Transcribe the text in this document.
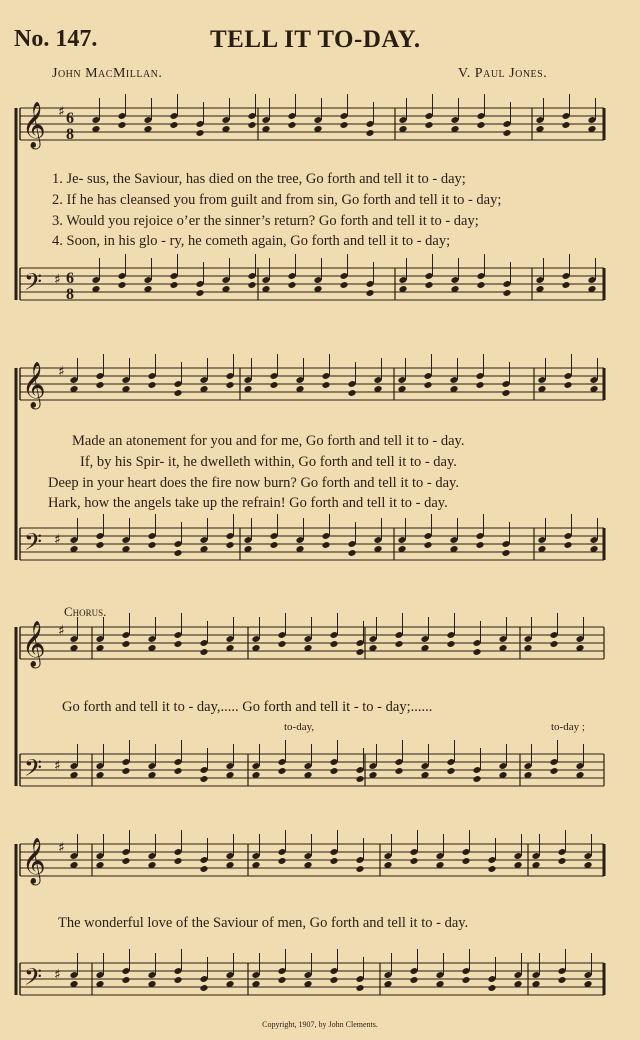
𝄞
𝄢
♯
♯
6
8
6
8
𝄞
𝄢
♯
♯
𝄞
𝄢
♯
♯
𝄞
𝄢
♯
♯
No. 147.	TELL IT TO-DAY.
John MacMillan.	V. Paul Jones.
1. Je- sus, the Saviour, has died on the tree, Go forth and tell it to - day;
2. If he has cleansed you from guilt and from sin, Go forth and tell it to - day;
3. Would you rejoice o’er the sinner’s return? Go forth and tell it to - day;
4. Soon, in his glo - ry, he cometh again, Go forth and tell it to - day;
Made an atonement for you and for me, Go forth and tell it to - day.
If, by his Spir- it, he dwelleth within, Go forth and tell it to - day.
Deep in your heart does the fire now burn? Go forth and tell it to - day.
Hark, how the angels take up the refrain! Go forth and tell it to - day.
Chorus.
Go forth and tell it to - day,..... Go forth and tell it - to - day;......
to-day,	to-day ;
The wonderful love of the Saviour of men, Go forth and tell it to - day.
Copyright, 1907, by John Clements.
